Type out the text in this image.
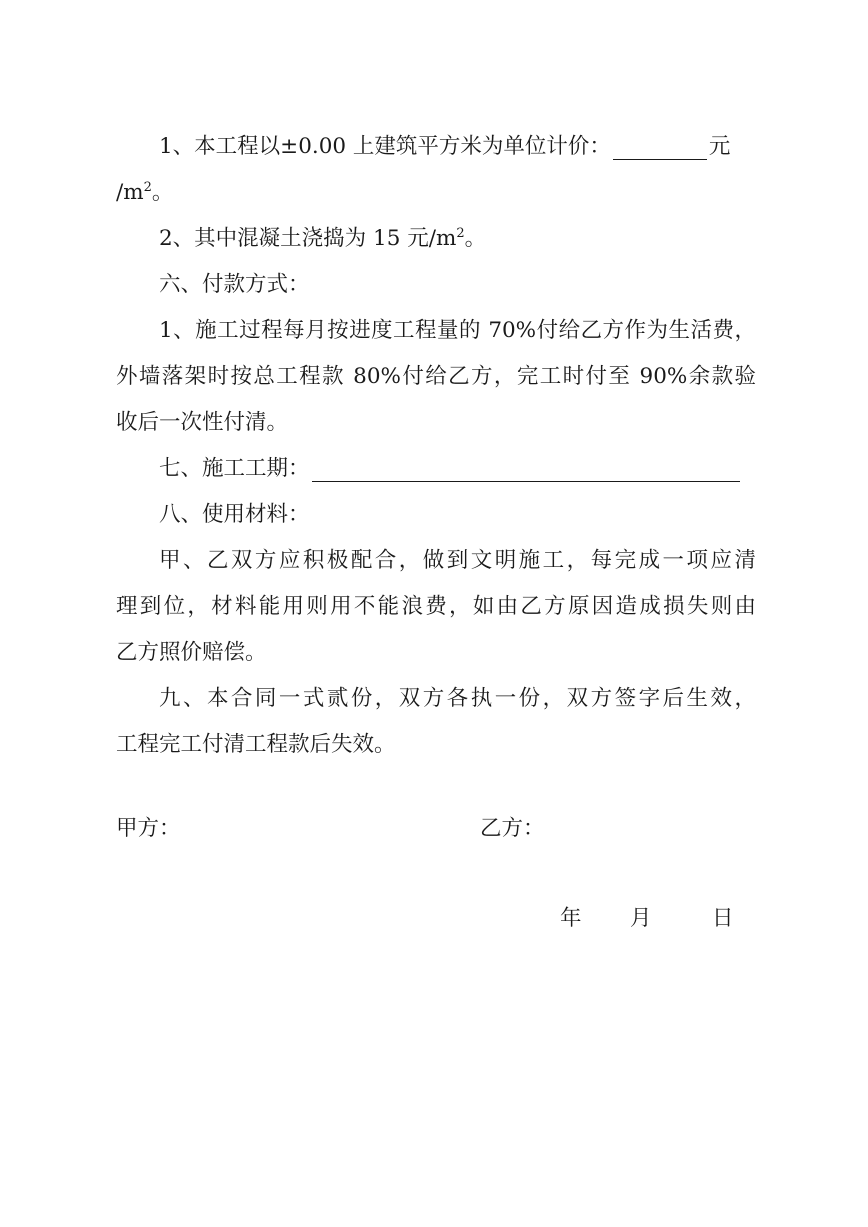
1、本工程以±0.00 上建筑平方米为单位计价：	元

$/m^2$。

2、其中混凝土浇捣为 15 元$/m^2$。

六、付款方式：

1、施工过程每月按进度工程量的 70%付给乙方作为生活费，

外墙落架时按总工程款 80%付给乙方，完工时付至 90%余款验

收后一次性付清。

七、施工工期：

八、使用材料：

甲、乙双方应积极配合，做到文明施工，每完成一项应清

理到位，材料能用则用不能浪费，如由乙方原因造成损失则由

乙方照价赔偿。

九、本合同一式贰份，双方各执一份，双方签字后生效，

工程完工付清工程款后失效。

甲方：	乙方：
年 月	日
